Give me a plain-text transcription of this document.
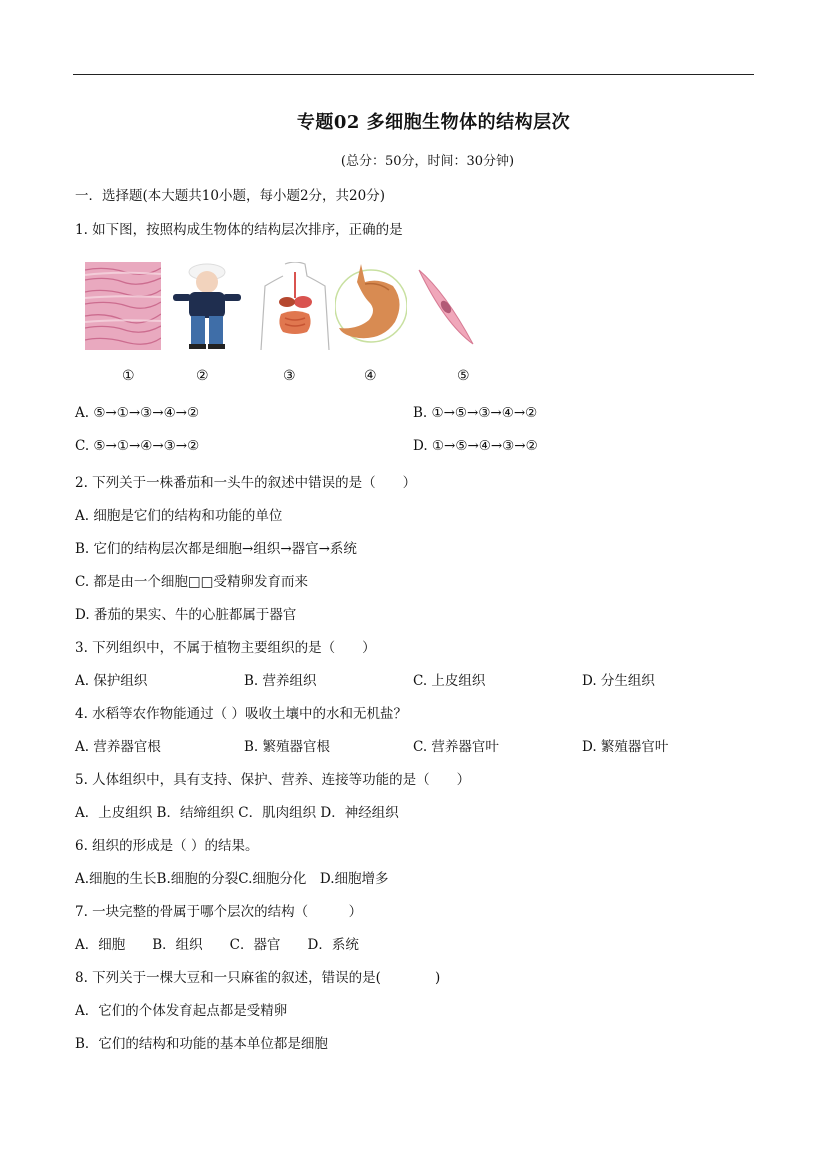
专题02 多细胞生物体的结构层次
(总分：50分，时间：30分钟)
一．选择题(本大题共10小题，每小题2分，共20分)
1. 如下图，按照构成生物体的结构层次排序，正确的是
①	②	③	④	⑤
A. ⑤→①→③→④→②	B. ①→⑤→③→④→②
C. ⑤→①→④→③→②	D. ①→⑤→④→③→②
2. 下列关于一株番茄和一头牛的叙述中错误的是（　　）
A. 细胞是它们的结构和功能的单位
B. 它们的结构层次都是细胞→组织→器官→系统
C. 都是由一个细胞□□受精卵发育而来
D. 番茄的果实、牛的心脏都属于器官
3. 下列组织中，不属于植物主要组织的是（　　）
A. 保护组织	B. 营养组织	C. 上皮组织	D. 分生组织
4. 水稻等农作物能通过（ ）吸收土壤中的水和无机盐？
A. 营养器官根	B. 繁殖器官根	C. 营养器官叶	D. 繁殖器官叶
5. 人体组织中，具有支持、保护、营养、连接等功能的是（　　）
A．上皮组织 B．结缔组织 C．肌肉组织 D．神经组织
6. 组织的形成是（ ）的结果。
A.细胞的生长B.细胞的分裂C.细胞分化　D.细胞增多
7. 一块完整的骨属于哪个层次的结构（　　　）
A．细胞　　B．组织　　C．器官　　D．系统
8. 下列关于一棵大豆和一只麻雀的叙述，错误的是(　　　　)
A．它们的个体发育起点都是受精卵
B．它们的结构和功能的基本单位都是细胞
